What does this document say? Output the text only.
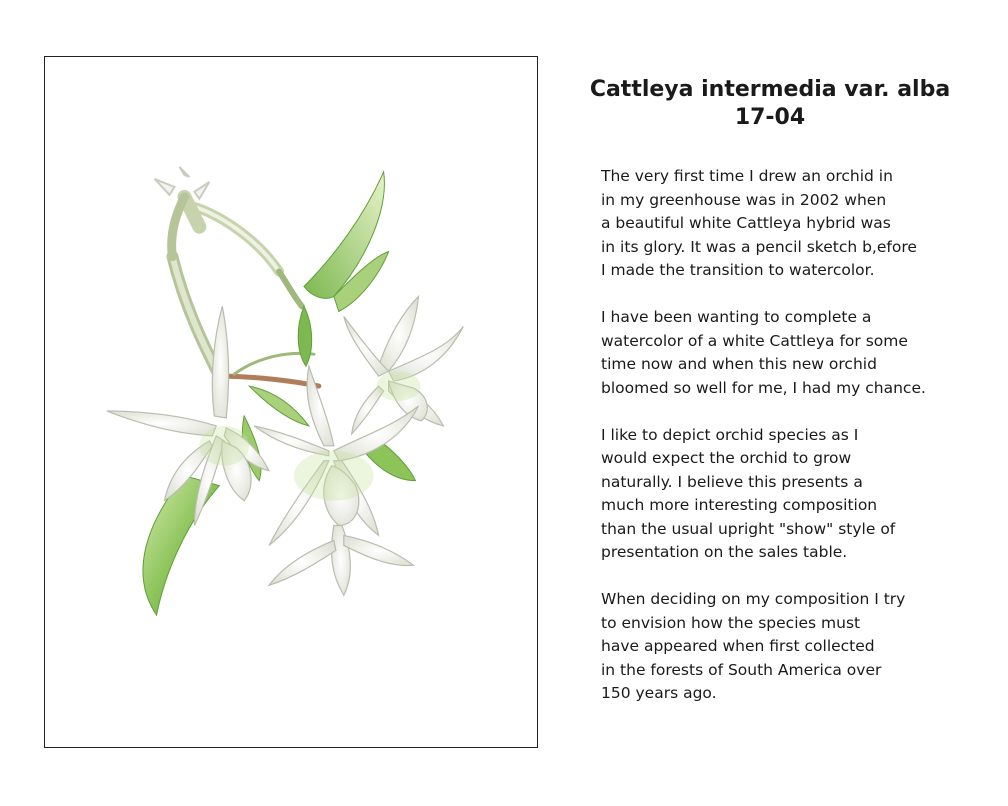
Cattleya intermedia var. alba
17-04
The very first time I drew an orchid in
in my greenhouse was in 2002 when
a beautiful white Cattleya hybrid was
in its glory. It was a pencil sketch b,efore
I made the transition to watercolor.
I have been wanting to complete a
watercolor of a white Cattleya for some
time now and when this new orchid
bloomed so well for me, I had my chance.
I like to depict orchid species as I
would expect the orchid to grow
naturally. I believe this presents a
much more interesting composition
than the usual upright "show" style of
presentation on the sales table.
When deciding on my composition I try
to envision how the species must
have appeared when first collected
in the forests of South America over
150 years ago.
